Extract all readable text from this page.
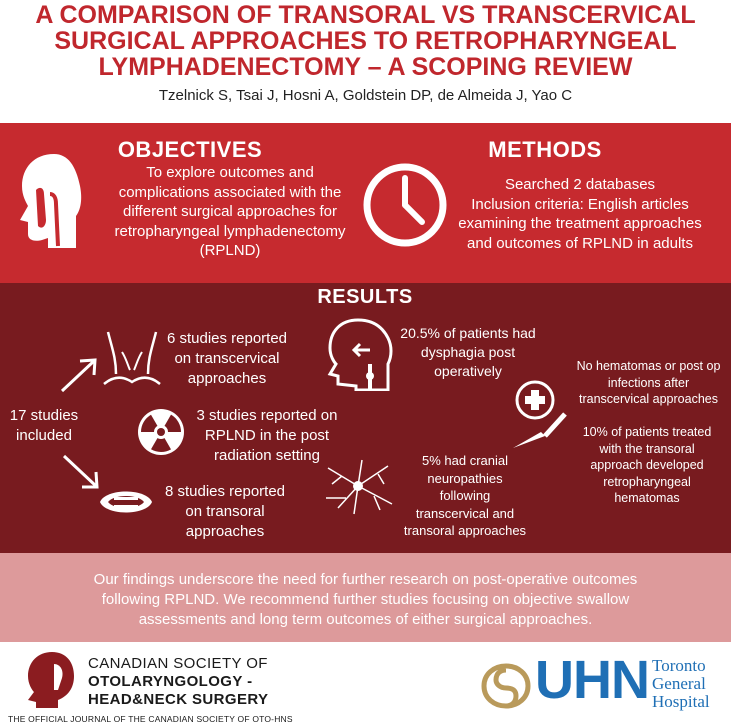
A COMPARISON OF TRANSORAL VS TRANSCERVICAL
SURGICAL APPROACHES TO RETROPHARYNGEAL
LYMPHADENECTOMY – A SCOPING REVIEW
Tzelnick S, Tsai J, Hosni A, Goldstein DP, de Almeida J, Yao C
OBJECTIVES
To explore outcomes and
complications associated with the
different surgical approaches for
retropharyngeal lymphadenectomy
(RPLND)
METHODS
Searched 2 databases
Inclusion criteria: English articles
examining the treatment approaches
and outcomes of RPLND in adults
RESULTS
17 studies
included
6 studies reported
on transcervical
approaches
3 studies reported on
RPLND in the post
radiation setting
8 studies reported
on transoral
approaches
20.5% of patients had
dysphagia post
operatively
5% had cranial
neuropathies
following
transcervical and
transoral approaches
No hematomas or post op
infections after
transcervical approaches
10% of patients treated
with the transoral
approach developed
retropharyngeal
hematomas
Our findings underscore the need for further research on post-operative outcomes
following RPLND. We recommend further studies focusing on objective swallow
assessments and long term outcomes of either surgical approaches.
CANADIAN SOCIETY OF
OTOLARYNGOLOGY -
HEAD&NECK SURGERY
THE OFFICIAL JOURNAL OF THE CANADIAN SOCIETY OF OTO-HNS
UHN Toronto
General
Hospital
